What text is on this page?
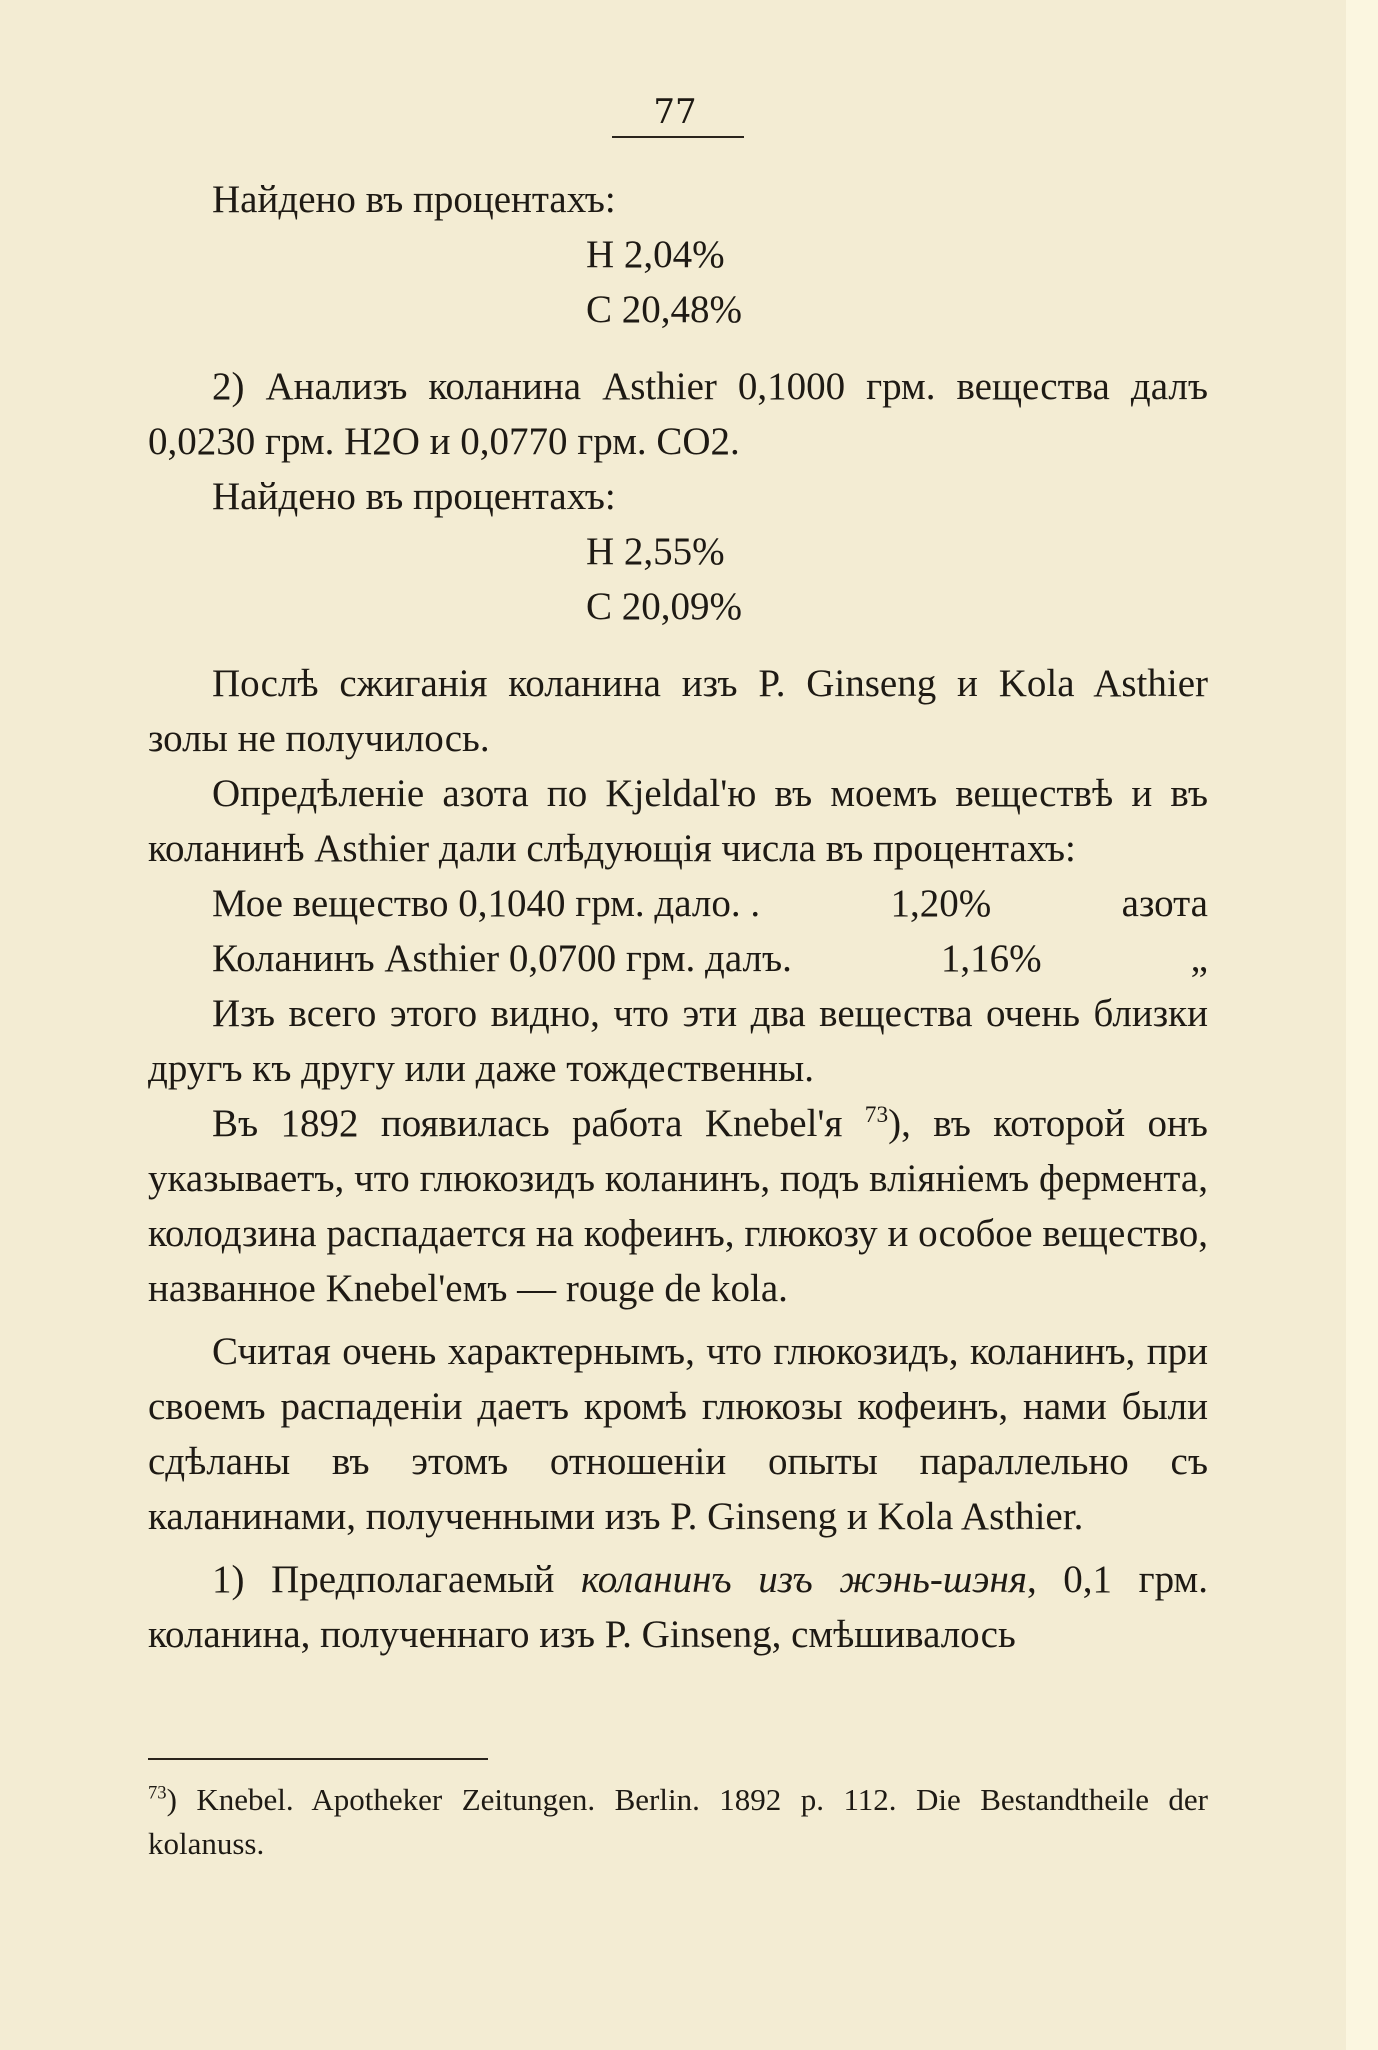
77

Найдено въ процентахъ:

H 2,04%

C 20,48%

2) Анализъ коланина Asthier 0,1000 грм. вещества далъ 0,0230 грм. H2O и 0,0770 грм. CO2.

Найдено въ процентахъ:

H 2,55%

C 20,09%

Послѣ сжиганія коланина изъ P. Ginseng и Kola Asthier золы не получилось.

Опредѣленіе азота по Kjeldal'ю въ моемъ веществѣ и въ коланинѣ Asthier дали слѣдующія числа въ процентахъ:

Мое вещество 0,1040 грм. дало. .	1,20%	азота
Коланинъ Asthier 0,0700 грм. далъ.	1,16%	„

Изъ всего этого видно, что эти два вещества очень близки другъ къ другу или даже тождественны.

Въ 1892 появилась работа Knebel'я $^{73}$), въ которой онъ указываетъ, что глюкозидъ коланинъ, подъ вліяніемъ фермента, колодзина распадается на кофеинъ, глюкозу и особое вещество, названное Knebel'емъ — rouge de kola.

Считая очень характернымъ, что глюкозидъ, коланинъ, при своемъ распаденіи даетъ кромѣ глюкозы кофеинъ, нами были сдѣланы въ этомъ отношеніи опыты параллельно съ каланинами, полученными изъ P. Ginseng и Kola Asthier.

1) Предполагаемый коланинъ изъ жэнь-шэня, 0,1 грм. коланина, полученнаго изъ P. Ginseng, смѣшивалось

$^{73}$) Knebel. Apotheker Zeitungen. Berlin. 1892 p. 112. Die Bestandtheile der kolanuss.
